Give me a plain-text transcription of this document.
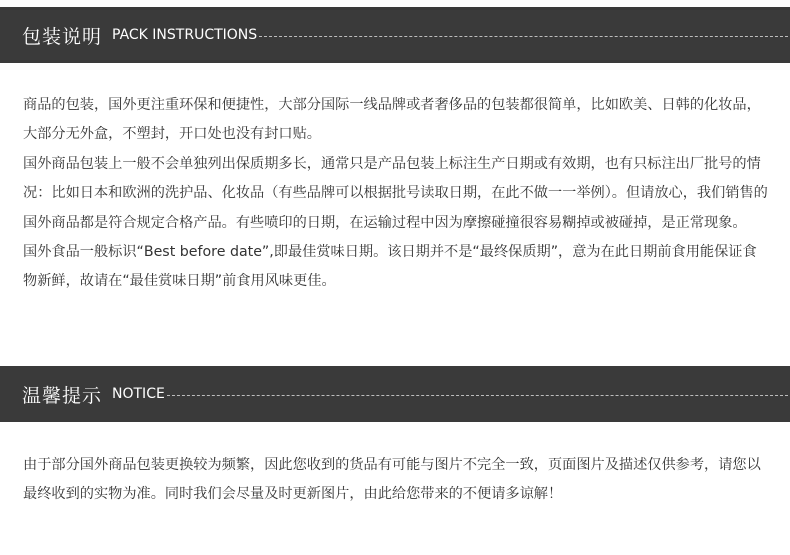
包装说明 PACK INSTRUCTIONS

商品的包装，国外更注重环保和便捷性，大部分国际一线品牌或者奢侈品的包装都很简单，比如欧美、日韩的化妆品，大部分无外盒，不塑封，开口处也没有封口贴。

国外商品包装上一般不会单独列出保质期多长，通常只是产品包装上标注生产日期或有效期，也有只标注出厂批号的情况：比如日本和欧洲的洗护品、化妆品（有些品牌可以根据批号读取日期，在此不做一一举例）。但请放心，我们销售的国外商品都是符合规定合格产品。有些喷印的日期，在运输过程中因为摩擦碰撞很容易糊掉或被碰掉，是正常现象。

国外食品一般标识“Best before date”,即最佳赏味日期。该日期并不是“最终保质期”，意为在此日期前食用能保证食物新鲜，故请在“最佳赏味日期”前食用风味更佳。

温馨提示 NOTICE

由于部分国外商品包装更换较为频繁，因此您收到的货品有可能与图片不完全一致，页面图片及描述仅供参考，请您以最终收到的实物为准。同时我们会尽量及时更新图片，由此给您带来的不便请多谅解！
